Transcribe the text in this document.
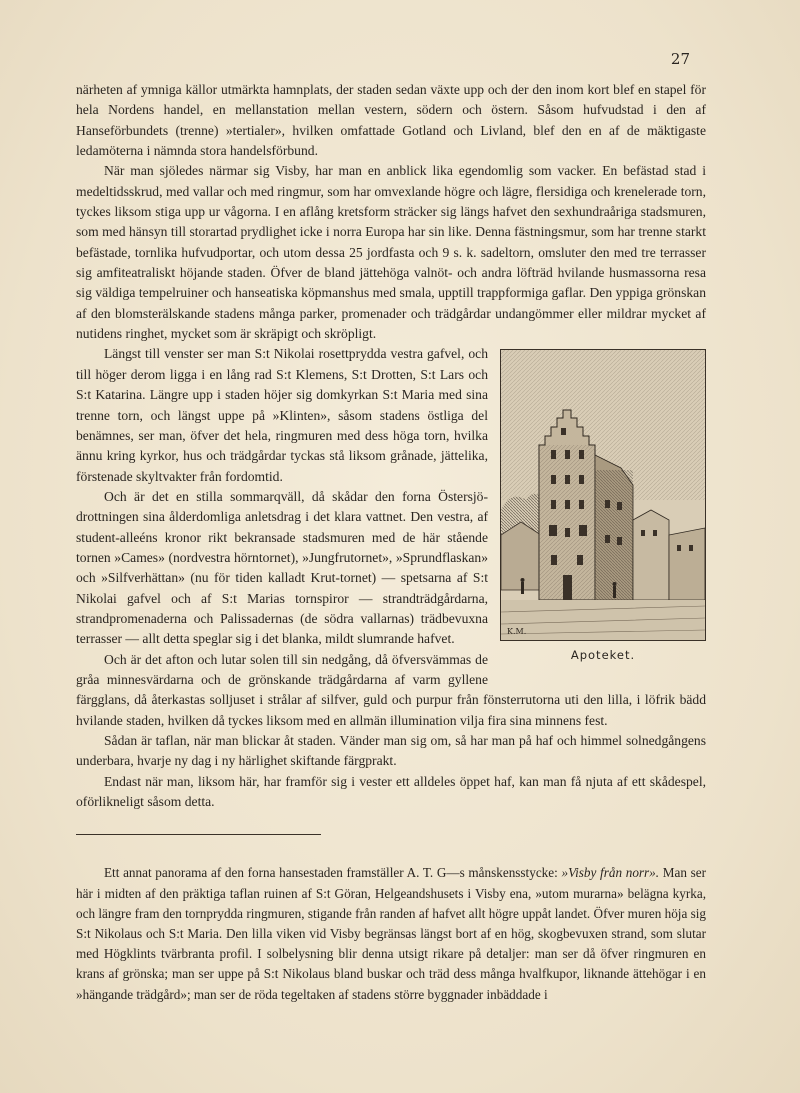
27

närheten af ymniga källor utmärkta hamnplats, der staden sedan växte upp och der den inom kort blef en stapel för hela Nordens handel, en mellanstation mellan vestern, södern och östern. Såsom hufvudstad i den af Hanseförbundets (trenne) »tertialer», hvilken omfattade Gotland och Livland, blef den en af de mäktigaste ledamöterna i nämnda stora handelsförbund.

När man sjöledes närmar sig Visby, har man en anblick lika egendomlig som vacker. En befästad stad i medeltidsskrud, med vallar och med ringmur, som har omvexlande högre och lägre, flersidiga och krenelerade torn, tyckes liksom stiga upp ur vågorna. I en aflång kretsform sträcker sig längs hafvet den sexhundraåriga stadsmuren, som med hänsyn till storartad prydlighet icke i norra Europa har sin like. Denna fästningsmur, som har trenne starkt befästade, tornlika hufvudportar, och utom dessa 25 jordfasta och 9 s. k. sadeltorn, omsluter den med tre terrasser sig amfiteatraliskt höjande staden. Öfver de bland jättehöga valnöt- och andra löfträd hvilande husmassorna resa sig väldiga tempelruiner och hanseatiska köpmanshus med smala, upptill trappformiga gaflar. Den yppiga grönskan af den blomsterälskande stadens många parker, promenader och trädgårdar undangömmer eller mildrar mycket af nutidens ringhet, mycket som är skräpigt och skröpligt.

K.M.
Apoteket.

Längst till venster ser man S:t Nikolai rosettprydda vestra gafvel, och till höger derom ligga i en lång rad S:t Klemens, S:t Drotten, S:t Lars och S:t Katarina. Längre upp i staden höjer sig domkyrkan S:t Maria med sina trenne torn, och längst uppe på »Klinten», såsom stadens östliga del benämnes, ser man, öfver det hela, ringmuren med dess höga torn, hvilka ännu kring kyrkor, hus och trädgårdar tyckas stå liksom grånade, jättelika, förstenade skyltvakter från fordomtid.

Och är det en stilla sommarqväll, då skådar den forna Östersjö-drottningen sina ålderdomliga anletsdrag i det klara vattnet. Den vestra, af student-alleéns kronor rikt bekransade stadsmuren med de här stående tornen »Cames» (nordvestra hörntornet), »Jungfrutornet», »Sprundflaskan» och »Silfverhättan» (nu för tiden kalladt Krut-tornet) — spetsarna af S:t Nikolai gafvel och af S:t Marias tornspiror — strandträdgårdarna, strandpromenaderna och Palissadernas (de södra vallarnas) trädbevuxna terrasser — allt detta speglar sig i det blanka, mildt slumrande hafvet.

Och är det afton och lutar solen till sin nedgång, då öfversvämmas de gråa minnesvärdarna och de grönskande trädgårdarna af varm gyllene färgglans, då återkastas solljuset i strålar af silfver, guld och purpur från fönsterrutorna uti den lilla, i löfrik bädd hvilande staden, hvilken då tyckes liksom med en allmän illumination vilja fira sina minnens fest.

Sådan är taflan, när man blickar åt staden. Vänder man sig om, så har man på haf och himmel solnedgångens underbara, hvarje ny dag i ny härlighet skiftande färgprakt.

Endast när man, liksom här, har framför sig i vester ett alldeles öppet haf, kan man få njuta af ett skådespel, oförlikneligt såsom detta.

Ett annat panorama af den forna hansestaden framställer A. T. G—s månskensstycke: »Visby från norr». Man ser här i midten af den präktiga taflan ruinen af S:t Göran, Helgeandshusets i Visby ena, »utom murarna» belägna kyrka, och längre fram den tornprydda ringmuren, stigande från randen af hafvet allt högre uppåt landet. Öfver muren höja sig S:t Nikolaus och S:t Maria. Den lilla viken vid Visby begränsas längst bort af en hög, skogbevuxen strand, som slutar med Högklints tvärbranta profil. I solbelysning blir denna utsigt rikare på detaljer: man ser då öfver ringmuren en krans af grönska; man ser uppe på S:t Nikolaus bland buskar och träd dess många hvalfkupor, liknande ättehögar i en »hängande trädgård»; man ser de röda tegeltaken af stadens större byggnader inbäddade i
